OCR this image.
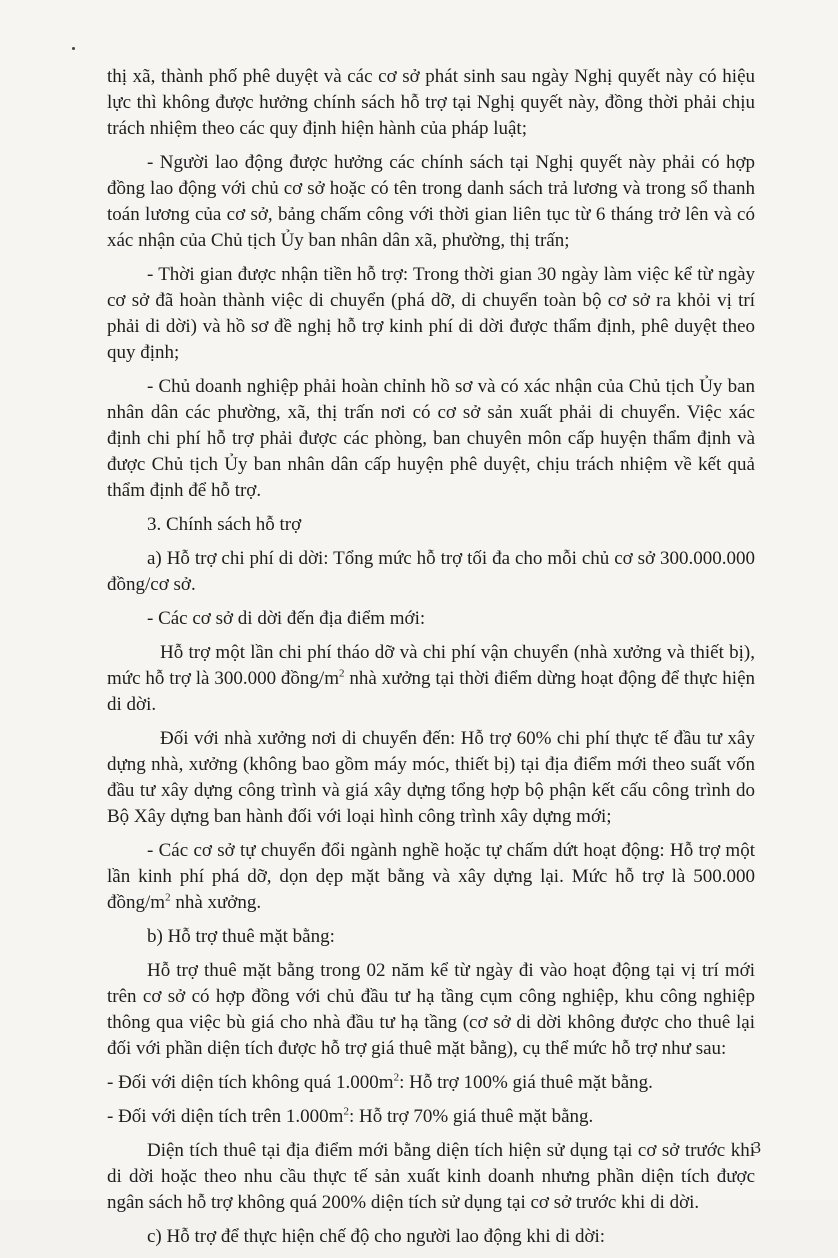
thị xã, thành phố phê duyệt và các cơ sở phát sinh sau ngày Nghị quyết này có hiệu lực thì không được hưởng chính sách hỗ trợ tại Nghị quyết này, đồng thời phải chịu trách nhiệm theo các quy định hiện hành của pháp luật;

- Người lao động được hưởng các chính sách tại Nghị quyết này phải có hợp đồng lao động với chủ cơ sở hoặc có tên trong danh sách trả lương và trong sổ thanh toán lương của cơ sở, bảng chấm công với thời gian liên tục từ 6 tháng trở lên và có xác nhận của Chủ tịch Ủy ban nhân dân xã, phường, thị trấn;

- Thời gian được nhận tiền hỗ trợ: Trong thời gian 30 ngày làm việc kể từ ngày cơ sở đã hoàn thành việc di chuyển (phá dỡ, di chuyển toàn bộ cơ sở ra khỏi vị trí phải di dời) và hồ sơ đề nghị hỗ trợ kinh phí di dời được thẩm định, phê duyệt theo quy định;

- Chủ doanh nghiệp phải hoàn chỉnh hồ sơ và có xác nhận của Chủ tịch Ủy ban nhân dân các phường, xã, thị trấn nơi có cơ sở sản xuất phải di chuyển. Việc xác định chi phí hỗ trợ phải được các phòng, ban chuyên môn cấp huyện thẩm định và được Chủ tịch Ủy ban nhân dân cấp huyện phê duyệt, chịu trách nhiệm về kết quả thẩm định để hỗ trợ.

3. Chính sách hỗ trợ

a) Hỗ trợ chi phí di dời: Tổng mức hỗ trợ tối đa cho mỗi chủ cơ sở 300.000.000 đồng/cơ sở.

- Các cơ sở di dời đến địa điểm mới:

Hỗ trợ một lần chi phí tháo dỡ và chi phí vận chuyển (nhà xưởng và thiết bị), mức hỗ trợ là 300.000 đồng/$m^2$ nhà xưởng tại thời điểm dừng hoạt động để thực hiện di dời.

Đối với nhà xưởng nơi di chuyển đến: Hỗ trợ 60% chi phí thực tế đầu tư xây dựng nhà, xưởng (không bao gồm máy móc, thiết bị) tại địa điểm mới theo suất vốn đầu tư xây dựng công trình và giá xây dựng tổng hợp bộ phận kết cấu công trình do Bộ Xây dựng ban hành đối với loại hình công trình xây dựng mới;

- Các cơ sở tự chuyển đổi ngành nghề hoặc tự chấm dứt hoạt động: Hỗ trợ một lần kinh phí phá dỡ, dọn dẹp mặt bằng và xây dựng lại. Mức hỗ trợ là 500.000 đồng/$m^2$ nhà xưởng.

b) Hỗ trợ thuê mặt bằng:

Hỗ trợ thuê mặt bằng trong 02 năm kể từ ngày đi vào hoạt động tại vị trí mới trên cơ sở có hợp đồng với chủ đầu tư hạ tầng cụm công nghiệp, khu công nghiệp thông qua việc bù giá cho nhà đầu tư hạ tầng (cơ sở di dời không được cho thuê lại đối với phần diện tích được hỗ trợ giá thuê mặt bằng), cụ thể mức hỗ trợ như sau:

- Đối với diện tích không quá $1.000m^2$: Hỗ trợ 100% giá thuê mặt bằng.

- Đối với diện tích trên $1.000m^2$: Hỗ trợ 70% giá thuê mặt bằng.

Diện tích thuê tại địa điểm mới bằng diện tích hiện sử dụng tại cơ sở trước khi di dời hoặc theo nhu cầu thực tế sản xuất kinh doanh nhưng phần diện tích được ngân sách hỗ trợ không quá 200% diện tích sử dụng tại cơ sở trước khi di dời.

c) Hỗ trợ để thực hiện chế độ cho người lao động khi di dời:

3
